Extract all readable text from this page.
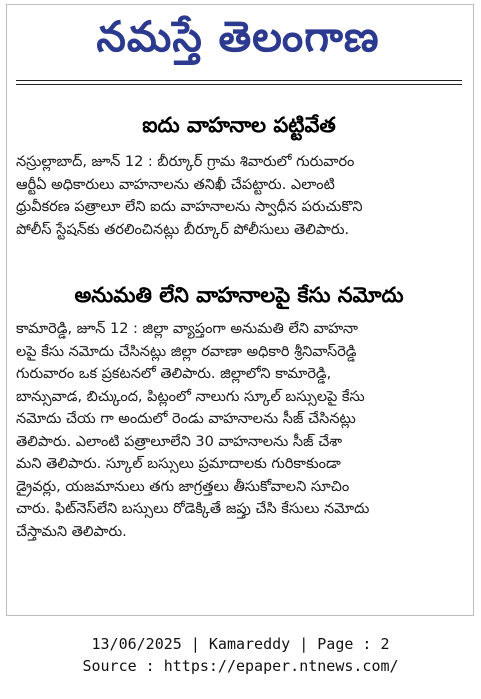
నమస్తే తెలంగాణ
ఐదు వాహనాల పట్టివేత
నస్రుల్లాబాద్, జూన్ 12 : బీర్కూర్ గ్రామ శివారులో గురువారం
ఆర్టీఏ అధికారులు వాహనాలను తనిఖీ చేపట్టారు. ఎలాంటి
ధ్రువీకరణ పత్రాలూ లేని ఐదు వాహనాలను స్వాధీన పరుచుకొని
పోలీస్ స్టేషన్‌కు తరలించినట్లు బీర్కూర్ పోలీసులు తెలిపారు.
అనుమతి లేని వాహనాలపై కేసు నమోదు
కామారెడ్డి, జూన్ 12 : జిల్లా వ్యాప్తంగా అనుమతి లేని వాహనా
లపై కేసు నమోదు చేసినట్లు జిల్లా రవాణా అధికారి శ్రీనివాస్‌రెడ్డి
గురువారం ఒక ప్రకటనలో తెలిపారు. జిల్లాలోని కామారెడ్డి,
బాన్సువాడ, బిచ్కుంద, పిట్లంలో నాలుగు స్కూల్ బస్సులపై కేసు
నమోదు చేయ గా అందులో రెండు వాహనాలను సీజ్ చేసినట్లు
తెలిపారు. ఎలాంటి పత్రాలూలేని 30 వాహనాలను సీజ్ చేశా
మని తెలిపారు. స్కూల్ బస్సులు ప్రమాదాలకు గురికాకుండా
డ్రైవర్లు, యజమానులు తగు జాగ్రత్తలు తీసుకోవాలని సూచిం
చారు. ఫిట్‌నెస్‌లేని బస్సులు రోడెక్కితే జప్తు చేసి కేసులు నమోదు
చేస్తామని తెలిపారు.
13/06/2025 | Kamareddy | Page : 2
Source : https://epaper.ntnews.com/
